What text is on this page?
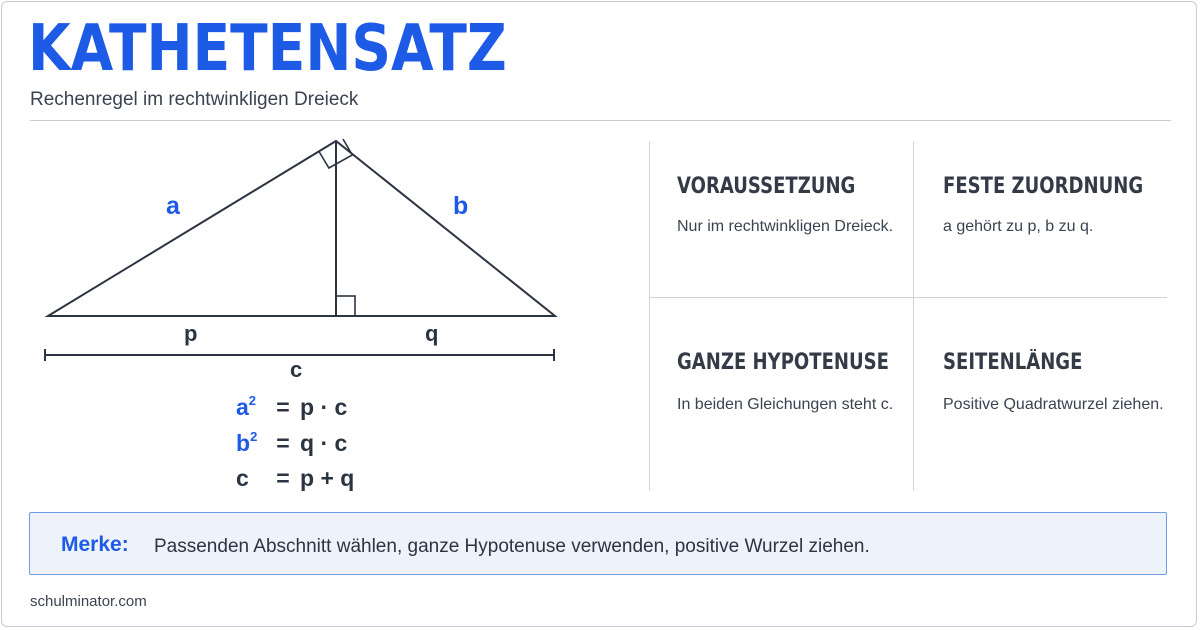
KATHETENSATZ
Rechenregel im rechtwinkligen Dreieck
a	b
p	q
c
$a^2 = p \cdot c$
$b^2 = q \cdot c$
c = p + q
VORAUSSETZUNG
Nur im rechtwinkligen Dreieck.
FESTE ZUORDNUNG
a gehört zu p, b zu q.
GANZE HYPOTENUSE
In beiden Gleichungen steht c.
SEITENLÄNGE
Positive Quadratwurzel ziehen.
Merke: Passenden Abschnitt wählen, ganze Hypotenuse verwenden, positive Wurzel ziehen.
schulminator.com
